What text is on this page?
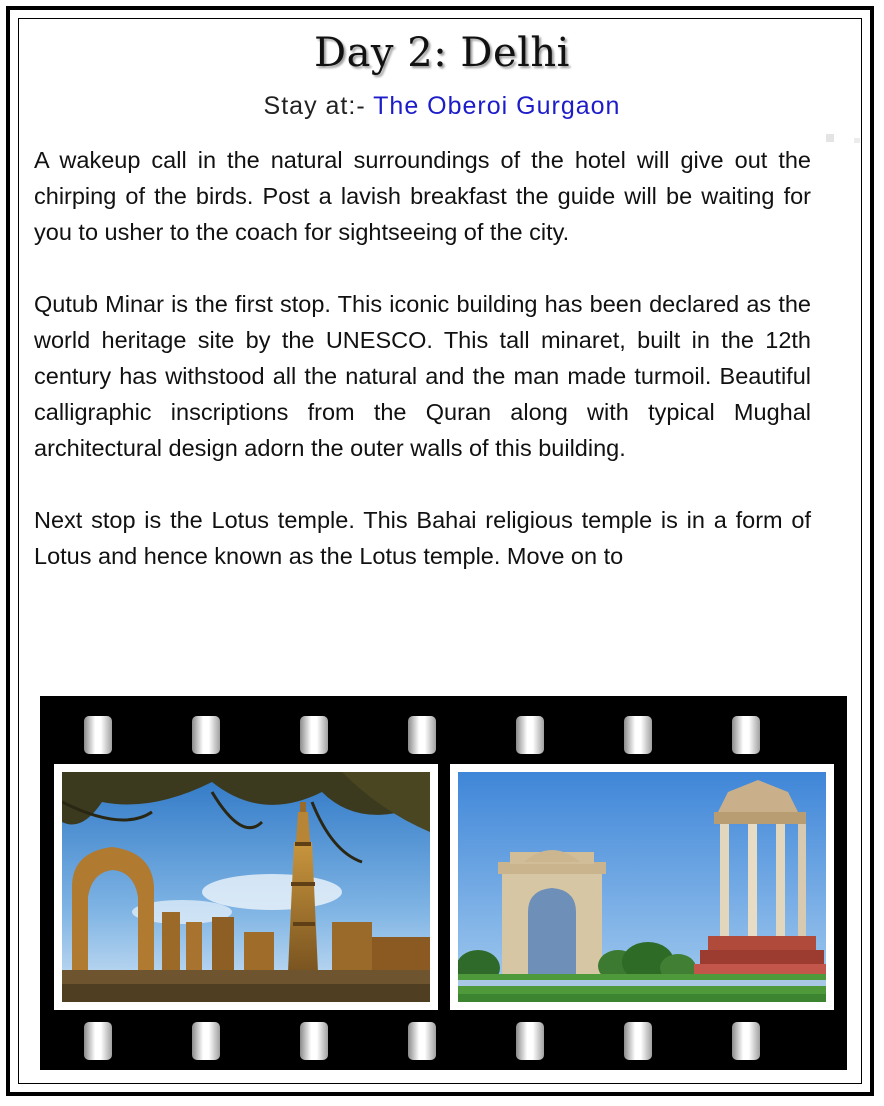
Day 2: Delhi
Stay at:- The Oberoi Gurgaon

A wakeup call in the natural surroundings of the hotel will give out the chirping of the birds. Post a lavish breakfast the guide will be waiting for you to usher to the coach for sightseeing of the city.

Qutub Minar is the first stop. This iconic building has been declared as the world heritage site by the UNESCO. This tall minaret, built in the 12th century has withstood all the natural and the man made turmoil. Beautiful calligraphic inscriptions from the Quran along with typical Mughal architectural design adorn the outer walls of this building.

Next stop is the Lotus temple. This Bahai religious temple is in a form of Lotus and hence known as the Lotus temple. Move on to
